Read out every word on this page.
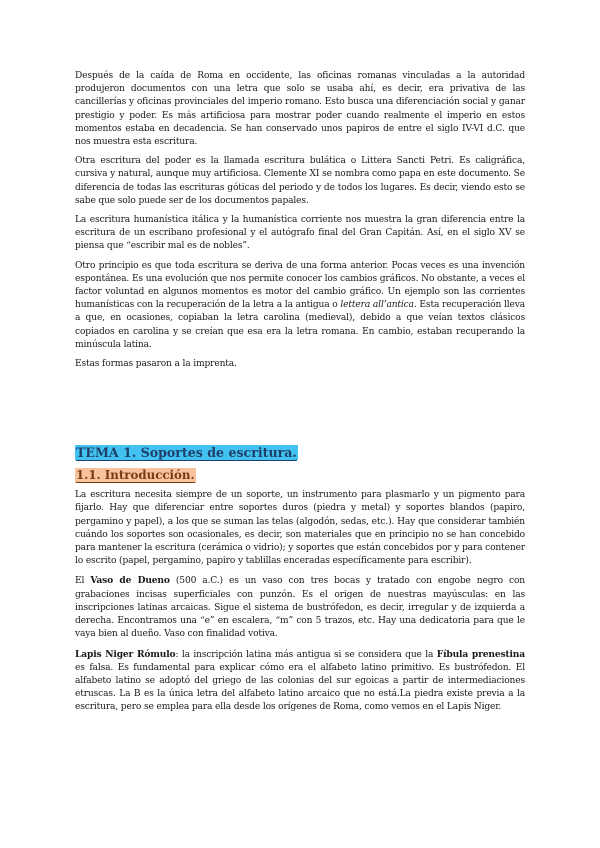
Después de la caída de Roma en occidente, las oficinas romanas vinculadas a la autoridad produjeron documentos con una letra que solo se usaba ahí, es decir, era privativa de las cancillerías y oficinas provinciales del imperio romano. Esto busca una diferenciación social y ganar prestigio y poder. Es más artificiosa para mostrar poder cuando realmente el imperio en estos momentos estaba en decadencia. Se han conservado unos papiros de entre el siglo IV-VI d.C. que nos muestra esta escritura.

Otra escritura del poder es la llamada escritura bulática o Littera Sancti Petri. Es caligráfica, cursiva y natural, aunque muy artificiosa. Clemente XI se nombra como papa en este documento. Se diferencia de todas las escrituras góticas del periodo y de todos los lugares. Es decir, viendo esto se sabe que solo puede ser de los documentos papales.

La escritura humanística itálica y la humanística corriente nos muestra la gran diferencia entre la escritura de un escribano profesional y el autógrafo final del Gran Capitán. Así, en el siglo XV se piensa que “escribir mal es de nobles”.

Otro principio es que toda escritura se deriva de una forma anterior. Pocas veces es una invención espontánea. Es una evolución que nos permite conocer los cambios gráficos. No obstante, a veces el factor voluntad en algunos momentos es motor del cambio gráfico. Un ejemplo son las corrientes humanísticas con la recuperación de la letra a la antigua o lettera all’antica. Esta recuperación lleva a que, en ocasiones, copiaban la letra carolina (medieval), debido a que veían textos clásicos copiados en carolina y se creían que esa era la letra romana. En cambio, estaban recuperando la minúscula latina.

Estas formas pasaron a la imprenta.

TEMA 1. Soportes de escritura.
1.1. Introducción.

La escritura necesita siempre de un soporte, un instrumento para plasmarlo y un pigmento para fijarlo. Hay que diferenciar entre soportes duros (piedra y metal) y soportes blandos (papiro, pergamino y papel), a los que se suman las telas (algodón, sedas, etc.). Hay que considerar también cuándo los soportes son ocasionales, es decir, son materiales que en principio no se han concebido para mantener la escritura (cerámica o vidrio); y soportes que están concebidos por y para contener lo escrito (papel, pergamino, papiro y tablillas enceradas específicamente para escribir).

El Vaso de Dueno (500 a.C.) es un vaso con tres bocas y tratado con engobe negro con grabaciones incisas superficiales con punzón. Es el origen de nuestras mayúsculas: en las inscripciones latinas arcaicas. Sigue el sistema de bustrófedon, es decir, irregular y de izquierda a derecha. Encontramos una “e” en escalera, “m” con 5 trazos, etc. Hay una dedicatoria para que le vaya bien al dueño. Vaso con finalidad votiva.

Lapis Niger Rómulo: la inscripción latina más antigua si se considera que la Fíbula prenestina es falsa. Es fundamental para explicar cómo era el alfabeto latino primitivo. Es bustrófedon. El alfabeto latino se adoptó del griego de las colonias del sur egoicas a partir de intermediaciones etruscas. La B es la única letra del alfabeto latino arcaico que no está.La piedra existe previa a la escritura, pero se emplea para ella desde los orígenes de Roma, como vemos en el Lapis Niger.
